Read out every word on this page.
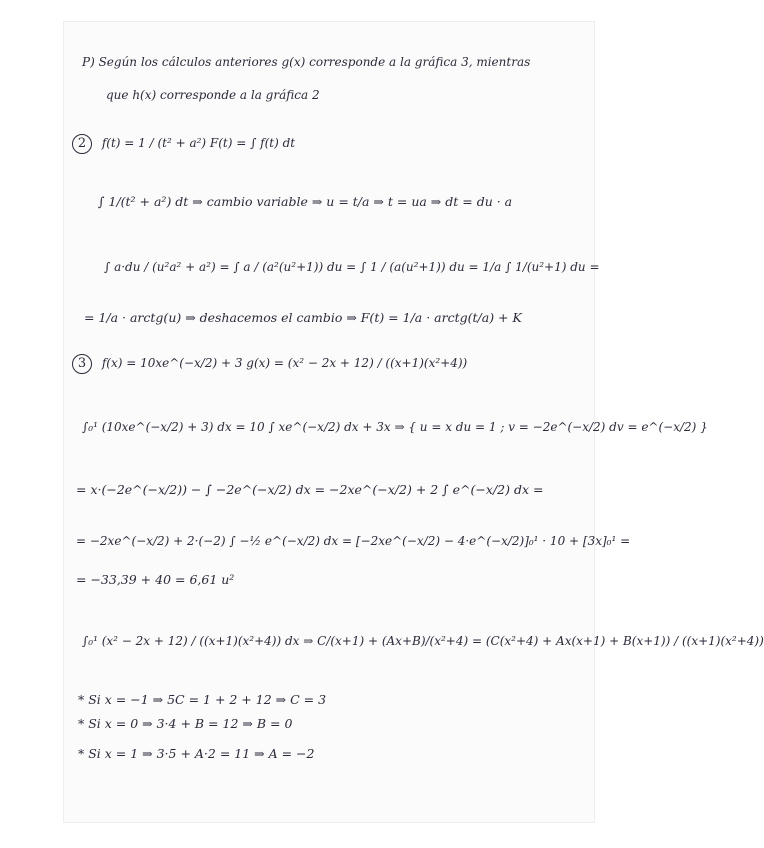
P) Según los cálculos anteriores g(x) corresponde a la gráfica 3, mientras
que h(x) corresponde a la gráfica 2
2 f(t) = 1 / (t² + a²) F(t) = ∫ f(t) dt
∫ 1/(t² + a²) dt ⇒ cambio variable ⇒ u = t/a ⇒ t = ua ⇒ dt = du · a
∫ a·du / (u²a² + a²) = ∫ a / (a²(u²+1)) du = ∫ 1 / (a(u²+1)) du = 1/a ∫ 1/(u²+1) du =
= 1/a · arctg(u) ⇒ deshacemos el cambio ⇒ F(t) = 1/a · arctg(t/a) + K
3 f(x) = 10xe^(−x/2) + 3 g(x) = (x² − 2x + 12) / ((x+1)(x²+4))
∫₀¹ (10xe^(−x/2) + 3) dx = 10 ∫ xe^(−x/2) dx + 3x ⇒ { u = x du = 1 ; v = −2e^(−x/2) dv = e^(−x/2) }
= x·(−2e^(−x/2)) − ∫ −2e^(−x/2) dx = −2xe^(−x/2) + 2 ∫ e^(−x/2) dx =
= −2xe^(−x/2) + 2·(−2) ∫ −½ e^(−x/2) dx = [−2xe^(−x/2) − 4·e^(−x/2)]₀¹ · 10 + [3x]₀¹ =
= −33,39 + 40 = 6,61 u²
∫₀¹ (x² − 2x + 12) / ((x+1)(x²+4)) dx ⇒ C/(x+1) + (Ax+B)/(x²+4) = (C(x²+4) + Ax(x+1) + B(x+1)) / ((x+1)(x²+4))
* Si x = −1 ⇒ 5C = 1 + 2 + 12 ⇒ C = 3
* Si x = 0 ⇒ 3·4 + B = 12 ⇒ B = 0
* Si x = 1 ⇒ 3·5 + A·2 = 11 ⇒ A = −2
